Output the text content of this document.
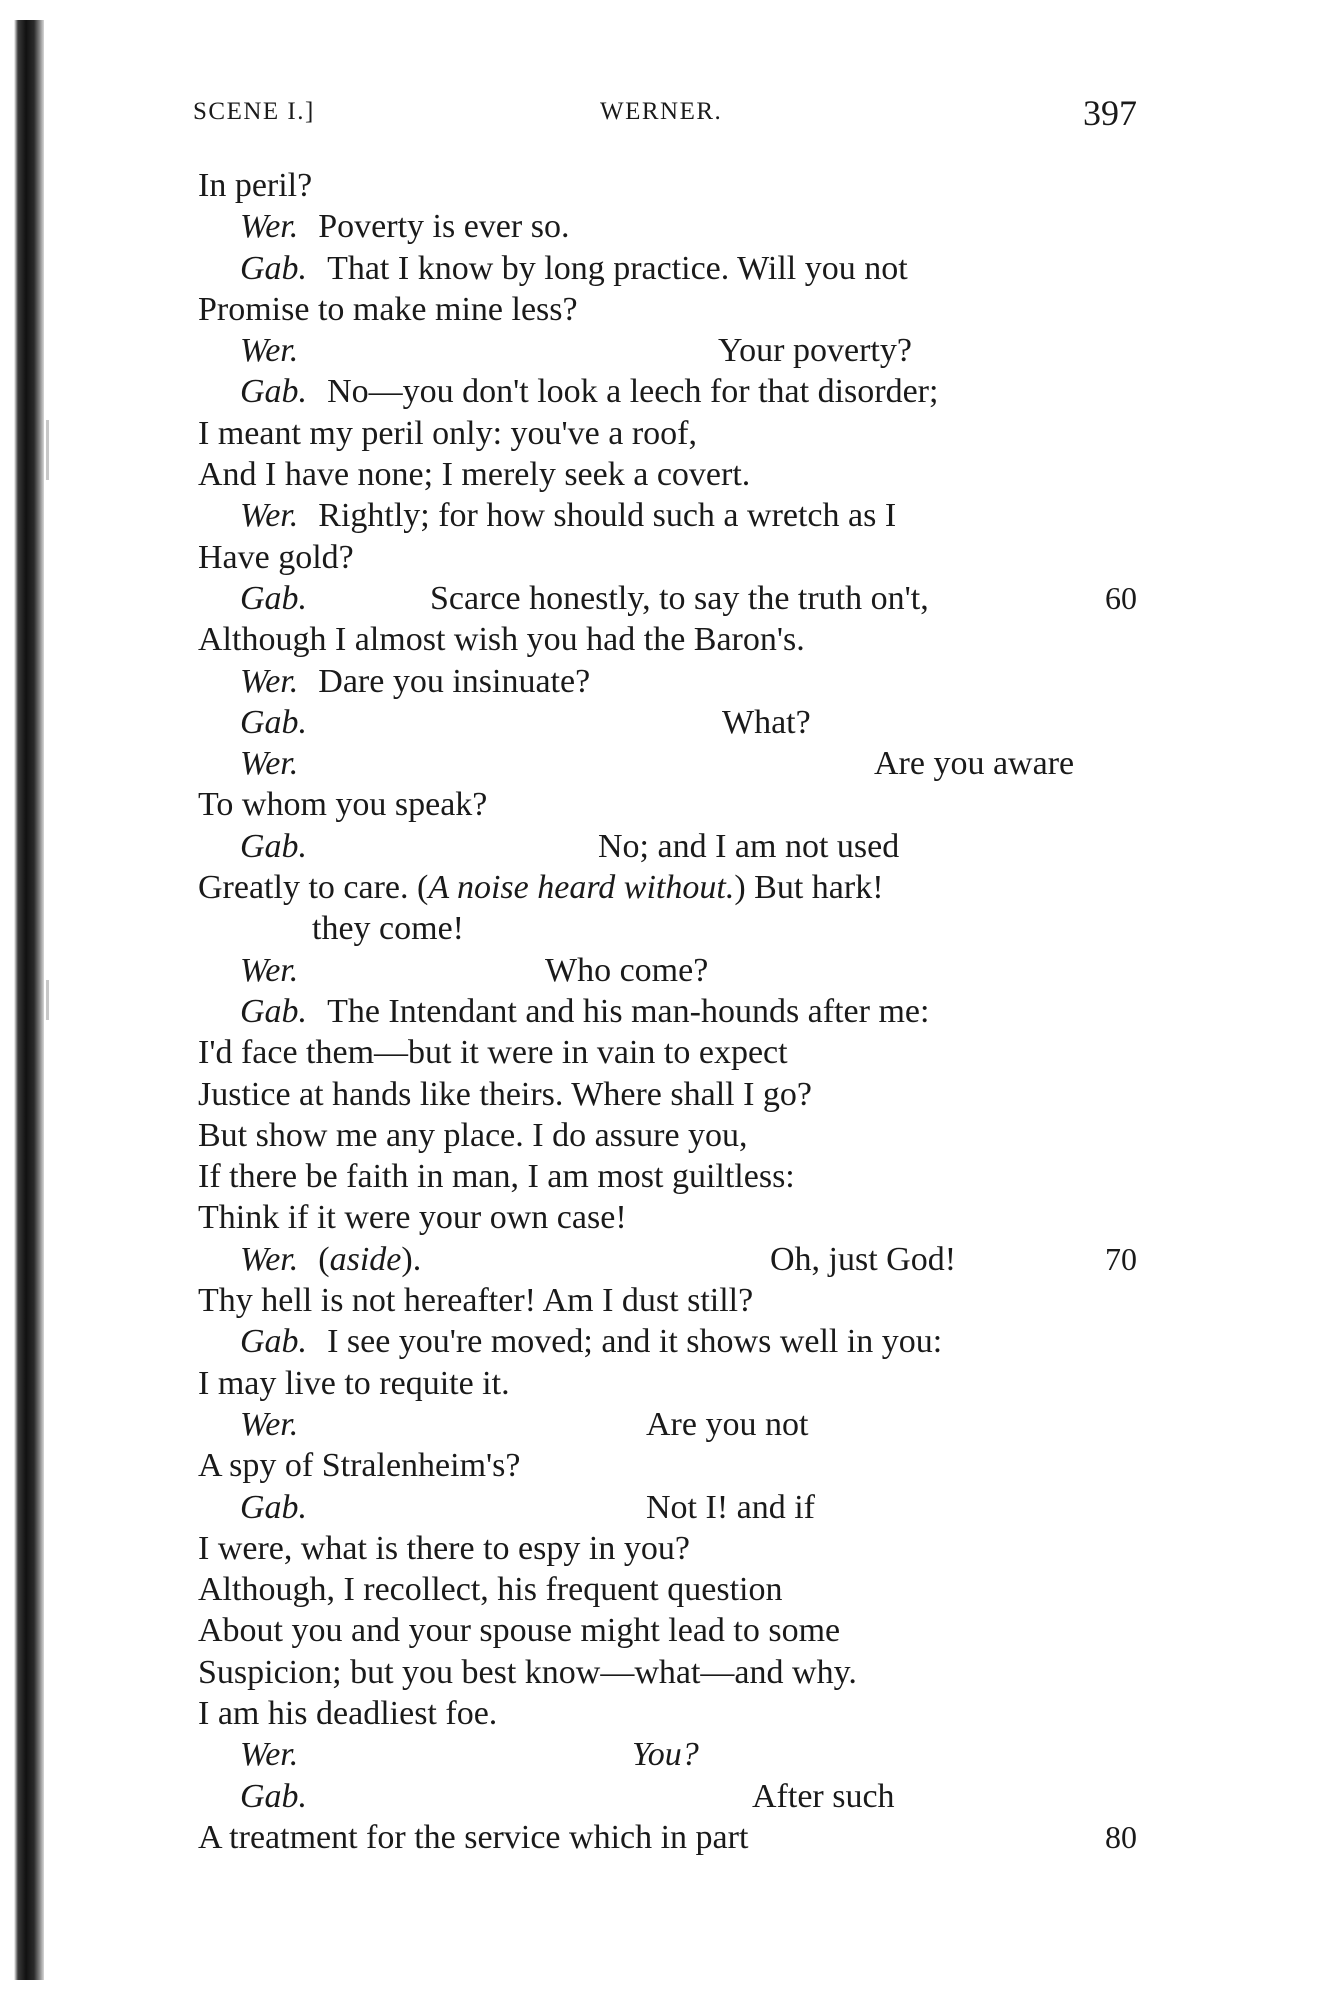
SCENE I.]	WERNER.	397
In peril?
Wer. Poverty is ever so.
Gab. That I know by long practice. Will you not
Promise to make mine less?
Wer.	Your poverty?
Gab. No—you don't look a leech for that disorder;
I meant my peril only: you've a roof,
And I have none; I merely seek a covert.
Wer. Rightly; for how should such a wretch as I
Have gold?
Gab.	Scarce honestly, to say the truth on't,	60
Although I almost wish you had the Baron's.
Wer. Dare you insinuate?
Gab.	What?
Wer.	Are you aware
To whom you speak?
Gab.	No; and I am not used
Greatly to care. ( A noise heard without. ) But hark!
they come!
Wer.	Who come?
Gab. The Intendant and his man-hounds after me:
I'd face them—but it were in vain to expect
Justice at hands like theirs. Where shall I go?
But show me any place. I do assure you,
If there be faith in man, I am most guiltless:
Think if it were your own case!
Wer. ( aside ).	Oh, just God!	70
Thy hell is not hereafter! Am I dust still?
Gab. I see you're moved; and it shows well in you:
I may live to requite it.
Wer.	Are you not
A spy of Stralenheim's?
Gab.	Not I! and if
I were, what is there to espy in you?
Although, I recollect, his frequent question
About you and your spouse might lead to some
Suspicion; but you best know—what—and why.
I am his deadliest foe.
Wer.	You?
Gab.	After such
A treatment for the service which in part	80
